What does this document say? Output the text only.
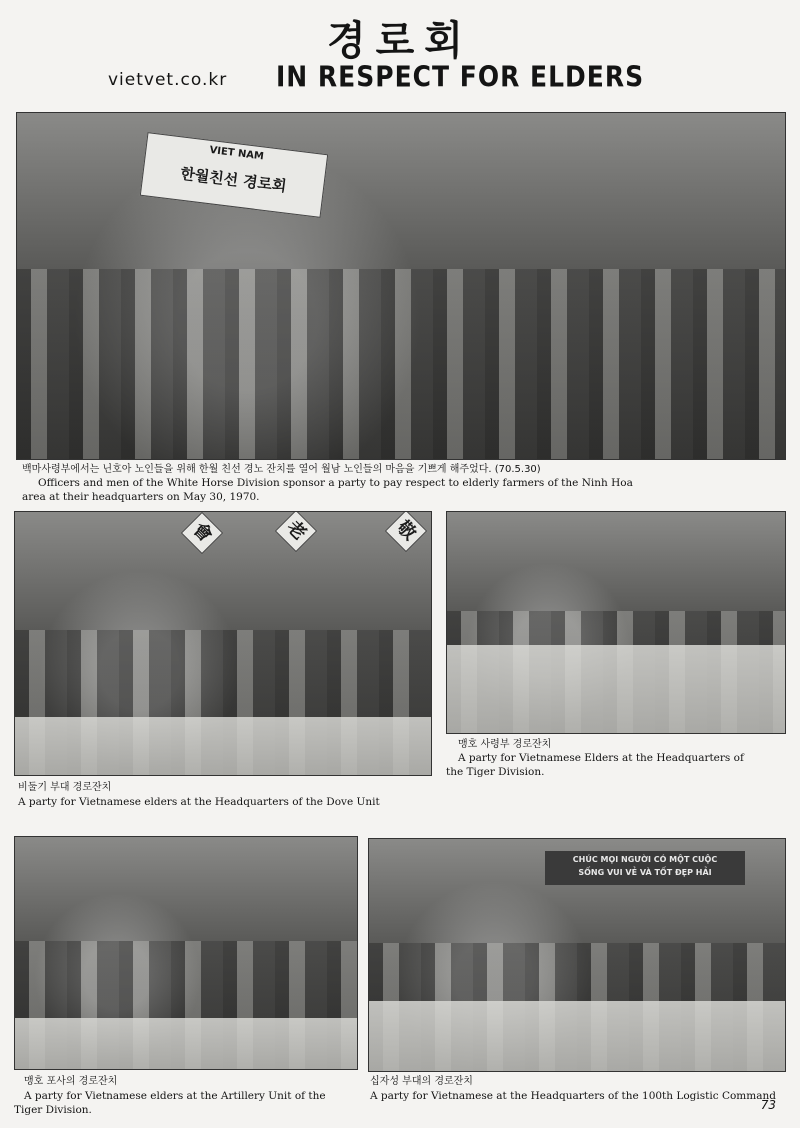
경로회
vietvet.co.kr IN RESPECT FOR ELDERS
VIET NAM
한월친선 경로회
백마사령부에서는 닌호아 노인들을 위해 한월 친선 경노 잔치를 열어 월남 노인들의 마음을 기쁘게 해주었다. (70.5.30)
Officers and men of the White Horse Division sponsor a party to pay respect to elderly farmers of the Ninh Hoa
area at their headquarters on May 30, 1970.
會	老	敬
비둘기 부대 경로잔치
A party for Vietnamese elders at the Headquarters of the Dove Unit
맹호 사령부 경로잔치
A party for Vietnamese Elders at the Headquarters of
the Tiger Division.
맹호 포사의 경로잔치
A party for Vietnamese elders at the Artillery Unit of the
Tiger Division.
CHÚC MỌI NGƯỜI CÓ MỘT CUỘC
SỐNG VUI VẺ VÀ TỐT ĐẸP HẢI
십자성 부대의 경로잔치
A party for Vietnamese at the Headquarters of the 100th Logistic Command
73
